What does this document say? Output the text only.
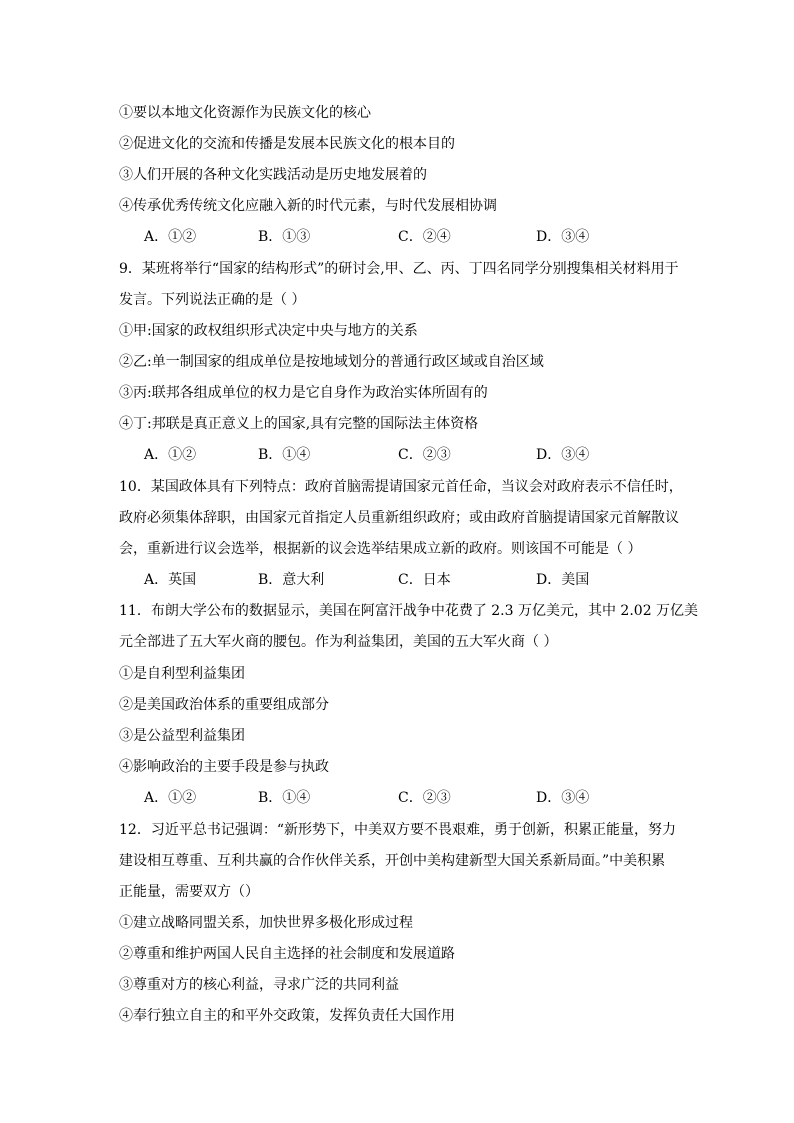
①要以本地文化资源作为民族文化的核心
②促进文化的交流和传播是发展本民族文化的根本目的
③人们开展的各种文化实践活动是历史地发展着的
④传承优秀传统文化应融入新的时代元素，与时代发展相协调
A．①②	B．①③	C．②④	D．③④
9．某班将举行“国家的结构形式”的研讨会,甲、乙、丙、丁四名同学分别搜集相关材料用于
发言。下列说法正确的是（ ）
①甲:国家的政权组织形式决定中央与地方的关系
②乙:单一制国家的组成单位是按地域划分的普通行政区域或自治区域
③丙:联邦各组成单位的权力是它自身作为政治实体所固有的
④丁:邦联是真正意义上的国家,具有完整的国际法主体资格
A．①②	B．①④	C．②③	D．③④
10．某国政体具有下列特点：政府首脑需提请国家元首任命，当议会对政府表示不信任时，
政府必须集体辞职，由国家元首指定人员重新组织政府；或由政府首脑提请国家元首解散议
会，重新进行议会选举，根据新的议会选举结果成立新的政府。则该国不可能是（ ）
A．英国	B．意大利	C．日本	D．美国
11．布朗大学公布的数据显示，美国在阿富汗战争中花费了 2.3 万亿美元，其中 2.02 万亿美
元全部进了五大军火商的腰包。作为利益集团，美国的五大军火商（ ）
①是自利型利益集团
②是美国政治体系的重要组成部分
③是公益型利益集团
④影响政治的主要手段是参与执政
A．①②	B．①④	C．②③	D．③④
12．习近平总书记强调：“新形势下，中美双方要不畏艰难，勇于创新，积累正能量，努力
建设相互尊重、互利共赢的合作伙伴关系，开创中美构建新型大国关系新局面。”中美积累
正能量，需要双方（）
①建立战略同盟关系，加快世界多极化形成过程
②尊重和维护两国人民自主选择的社会制度和发展道路
③尊重对方的核心利益，寻求广泛的共同利益
④奉行独立自主的和平外交政策，发挥负责任大国作用
